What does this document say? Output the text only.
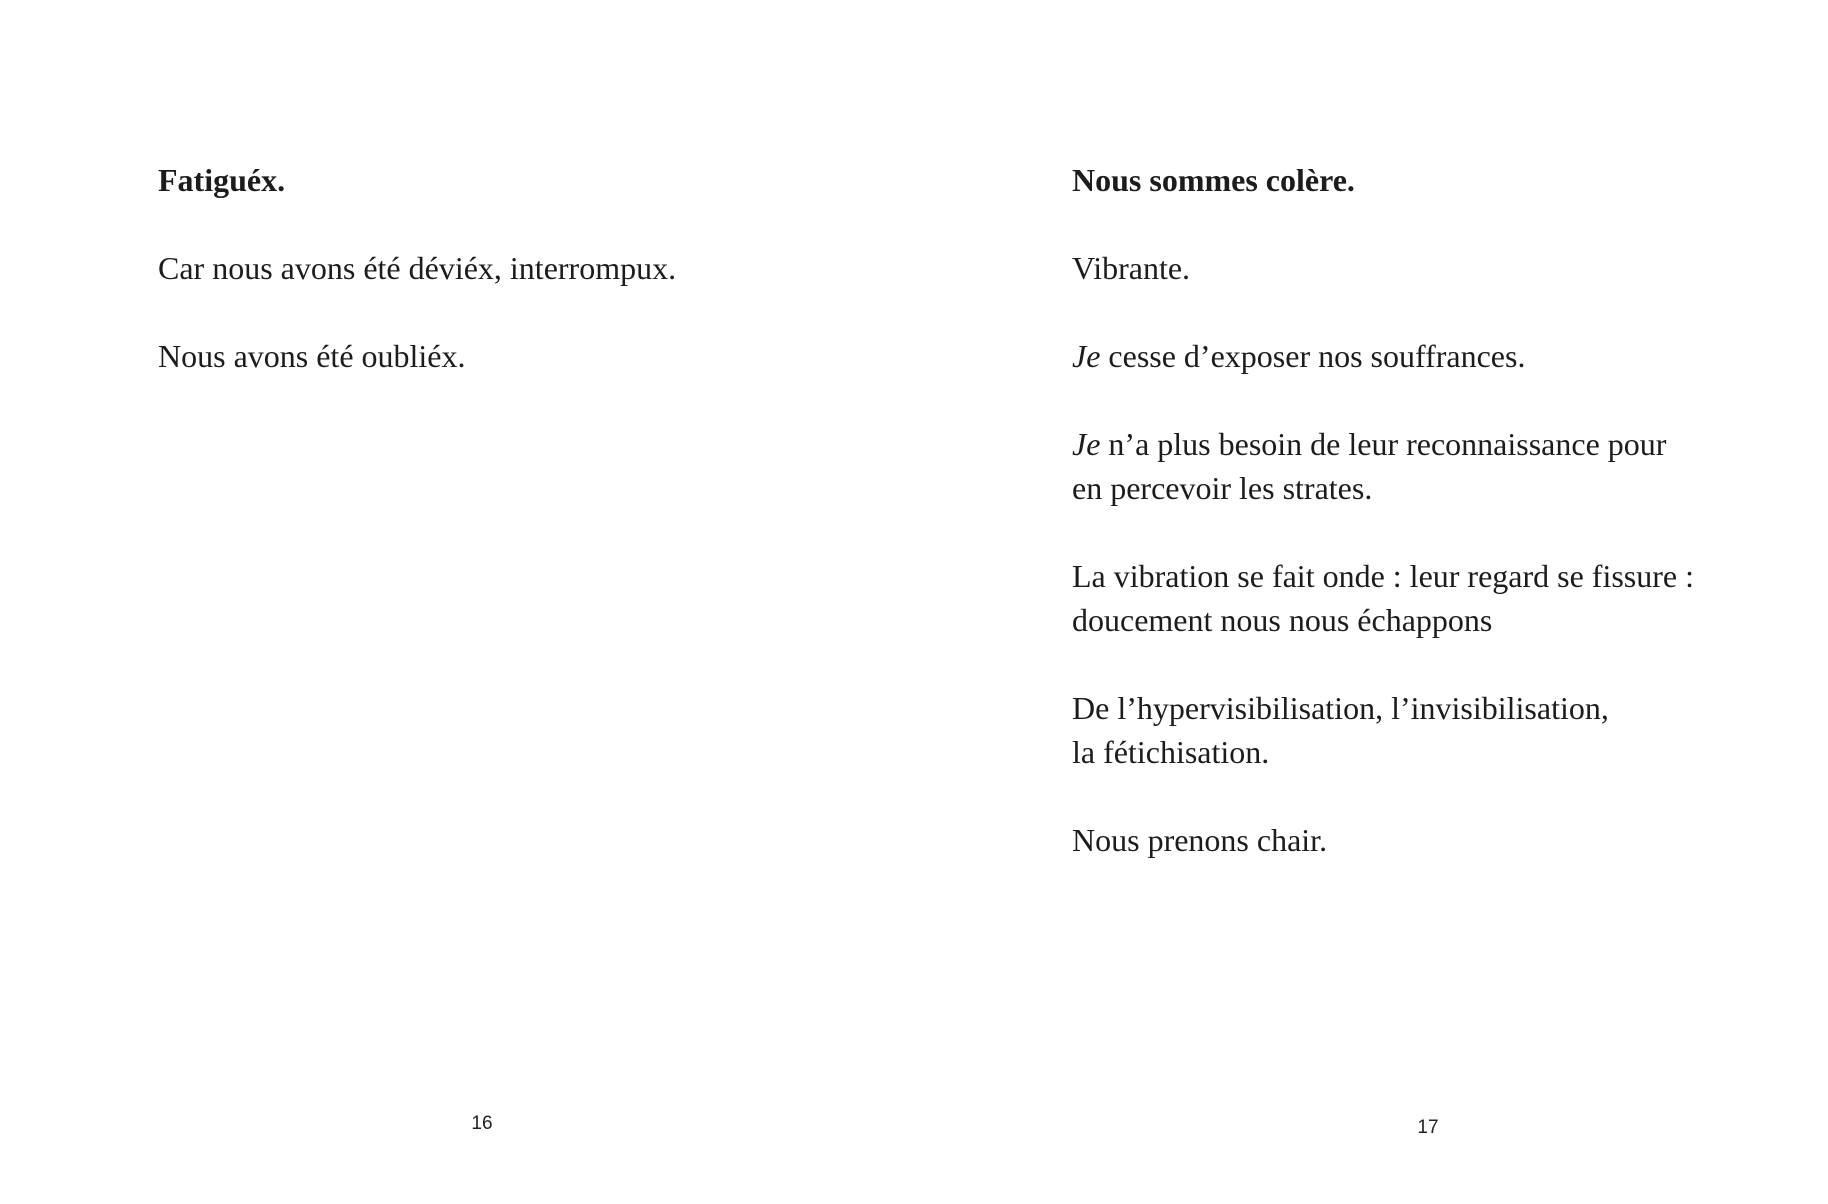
Fatiguéx.
Car nous avons été déviéx, interrompux.
Nous avons été oubliéx.
16
Nous sommes colère.
Vibrante.
Je cesse d’exposer nos souffrances.
Je n’a plus besoin de leur reconnaissance pour
en percevoir les strates.
La vibration se fait onde : leur regard se fissure :
doucement nous nous échappons
De l’hypervisibilisation, l’invisibilisation,
la fétichisation.
Nous prenons chair.
17
